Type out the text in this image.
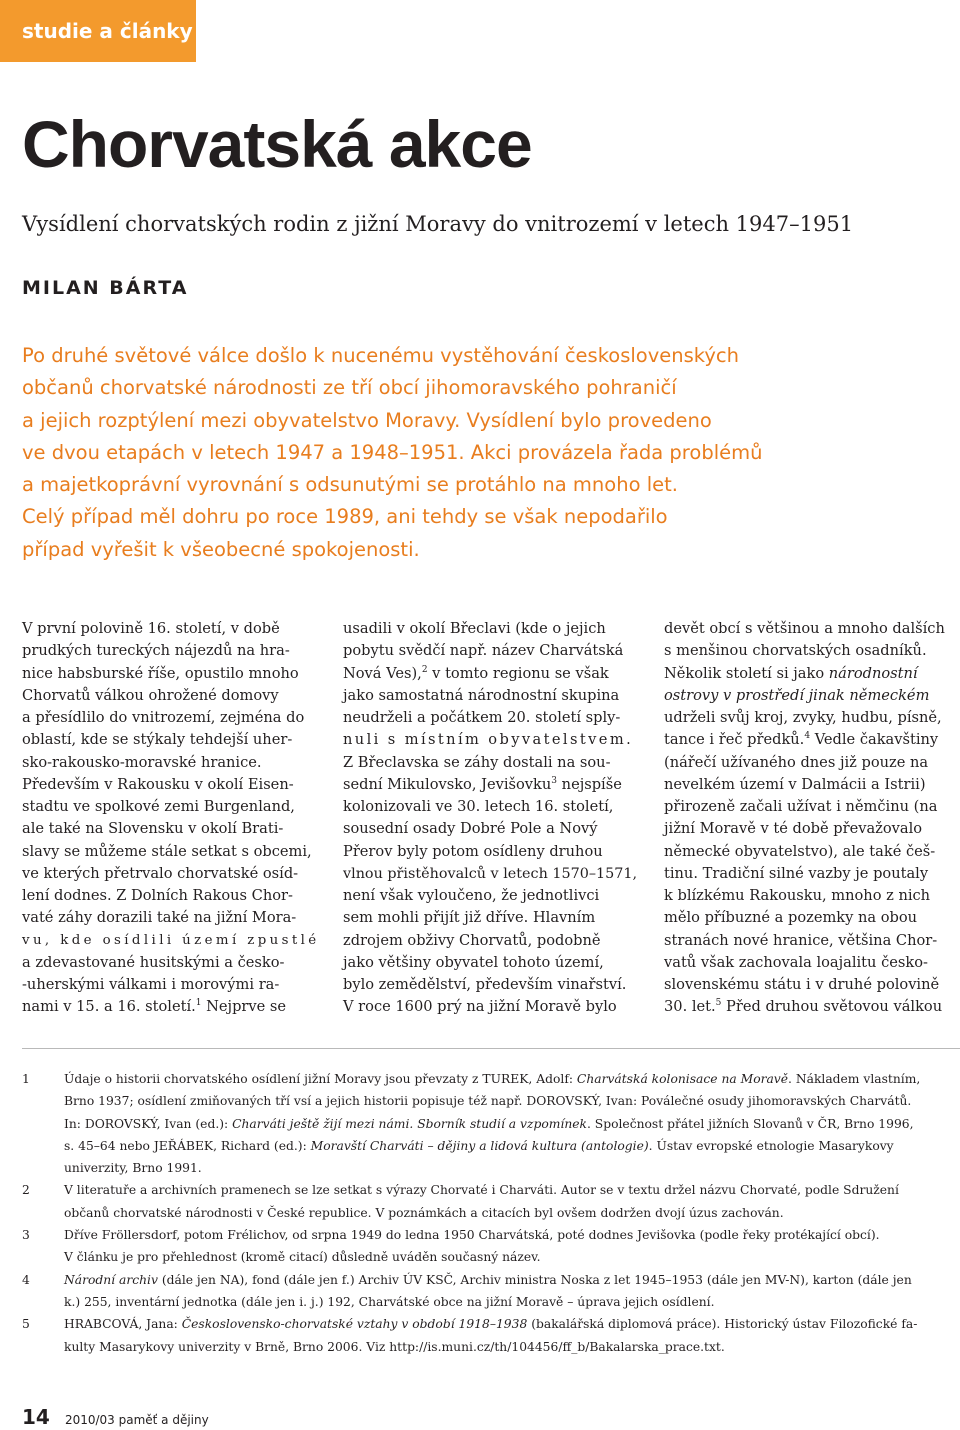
studie a články
Chorvatská akce
Vysídlení chorvatských rodin z jižní Moravy do vnitrozemí v letech 1947–1951
MILAN BÁRTA
Po druhé světové válce došlo k nucenému vystěhování československých
občanů chorvatské národnosti ze tří obcí jihomoravského pohraničí
a jejich rozptýlení mezi obyvatelstvo Moravy. Vysídlení bylo provedeno
ve dvou etapách v letech 1947 a 1948–1951. Akci provázela řada problémů
a majetkoprávní vyrovnání s odsunutými se protáhlo na mnoho let.
Celý případ měl dohru po roce 1989, ani tehdy se však nepodařilo
případ vyřešit k všeobecné spokojenosti.
V první polovině 16. století, v době
prudkých tureckých nájezdů na hra-
nice habsburské říše, opustilo mnoho
Chorvatů válkou ohrožené domovy
a přesídlilo do vnitrozemí, zejména do
oblastí, kde se stýkaly tehdejší uher-
sko-rakousko-moravské hranice.
Především v Rakousku v okolí Eisen-
stadtu ve spolkové zemi Burgenland,
ale také na Slovensku v okolí Brati-
slavy se můžeme stále setkat s obcemi,
ve kterých přetrvalo chorvatské osíd-
lení dodnes. Z Dolních Rakous Chor-
vaté záhy dorazili také na jižní Mora-
vu, kde osídlili území zpustlé
a zdevastované husitskými a česko-
-uherskými válkami i morovými ra-
nami v 15. a 16. století.$^1$ Nejprve se
usadili v okolí Břeclavi (kde o jejich
pobytu svědčí např. název Charvátská
Nová Ves),$^2$ v tomto regionu se však
jako samostatná národnostní skupina
neudrželi a počátkem 20. století sply-
nuli s místním obyvatelstvem.
Z Břeclavska se záhy dostali na sou-
sední Mikulovsko, Jevišovku$^3$ nejspíše
kolonizovali ve 30. letech 16. století,
sousední osady Dobré Pole a Nový
Přerov byly potom osídleny druhou
vlnou přistěhovalců v letech 1570–1571,
není však vyloučeno, že jednotlivci
sem mohli přijít již dříve. Hlavním
zdrojem obživy Chorvatů, podobně
jako většiny obyvatel tohoto území,
bylo zemědělství, především vinařství.
V roce 1600 prý na jižní Moravě bylo
devět obcí s většinou a mnoho dalších
s menšinou chorvatských osadníků.
Několik století si jako národnostní
ostrovy v prostředí jinak německém
udrželi svůj kroj, zvyky, hudbu, písně,
tance i řeč předků.$^4$ Vedle čakavštiny
(nářečí užívaného dnes již pouze na
nevelkém území v Dalmácii a Istrii)
přirozeně začali užívat i němčinu (na
jižní Moravě v té době převažovalo
německé obyvatelstvo), ale také češ-
tinu. Tradiční silné vazby je poutaly
k blízkému Rakousku, mnoho z nich
mělo příbuzné a pozemky na obou
stranách nové hranice, většina Chor-
vatů však zachovala loajalitu česko-
slovenskému státu i v druhé polovině
30. let.$^5$ Před druhou světovou válkou
1	Údaje o historii chorvatského osídlení jižní Moravy jsou převzaty z TUREK, Adolf: Charvátská kolonisace na Moravě. Nákladem vlastním,
Brno 1937; osídlení zmiňovaných tří vsí a jejich historii popisuje též např. DOROVSKÝ, Ivan: Poválečné osudy jihomoravských Charvátů.
In: DOROVSKÝ, Ivan (ed.): Charváti ještě žijí mezi námi. Sborník studií a vzpomínek. Společnost přátel jižních Slovanů v ČR, Brno 1996,
s. 45–64 nebo JEŘÁBEK, Richard (ed.): Moravští Charváti – dějiny a lidová kultura (antologie). Ústav evropské etnologie Masarykovy
univerzity, Brno 1991.
2	V literatuře a archivních pramenech se lze setkat s výrazy Chorvaté i Charváti. Autor se v textu držel názvu Chorvaté, podle Sdružení
občanů chorvatské národnosti v České republice. V poznámkách a citacích byl ovšem dodržen dvojí úzus zachován.
3	Dříve Fröllersdorf, potom Frélichov, od srpna 1949 do ledna 1950 Charvátská, poté dodnes Jevišovka (podle řeky protékající obcí).
V článku je pro přehlednost (kromě citací) důsledně uváděn současný název.
4	Národní archiv (dále jen NA), fond (dále jen f.) Archiv ÚV KSČ, Archiv ministra Noska z let 1945–1953 (dále jen MV-N), karton (dále jen
k.) 255, inventární jednotka (dále jen i. j.) 192, Charvátské obce na jižní Moravě – úprava jejich osídlení.
5	HRABCOVÁ, Jana: Československo-chorvatské vztahy v období 1918–1938 (bakalářská diplomová práce). Historický ústav Filozofické fa-
kulty Masarykovy univerzity v Brně, Brno 2006. Viz http://is.muni.cz/th/104456/ff_b/Bakalarska_prace.txt.
14 2010/03 paměť a dějiny
